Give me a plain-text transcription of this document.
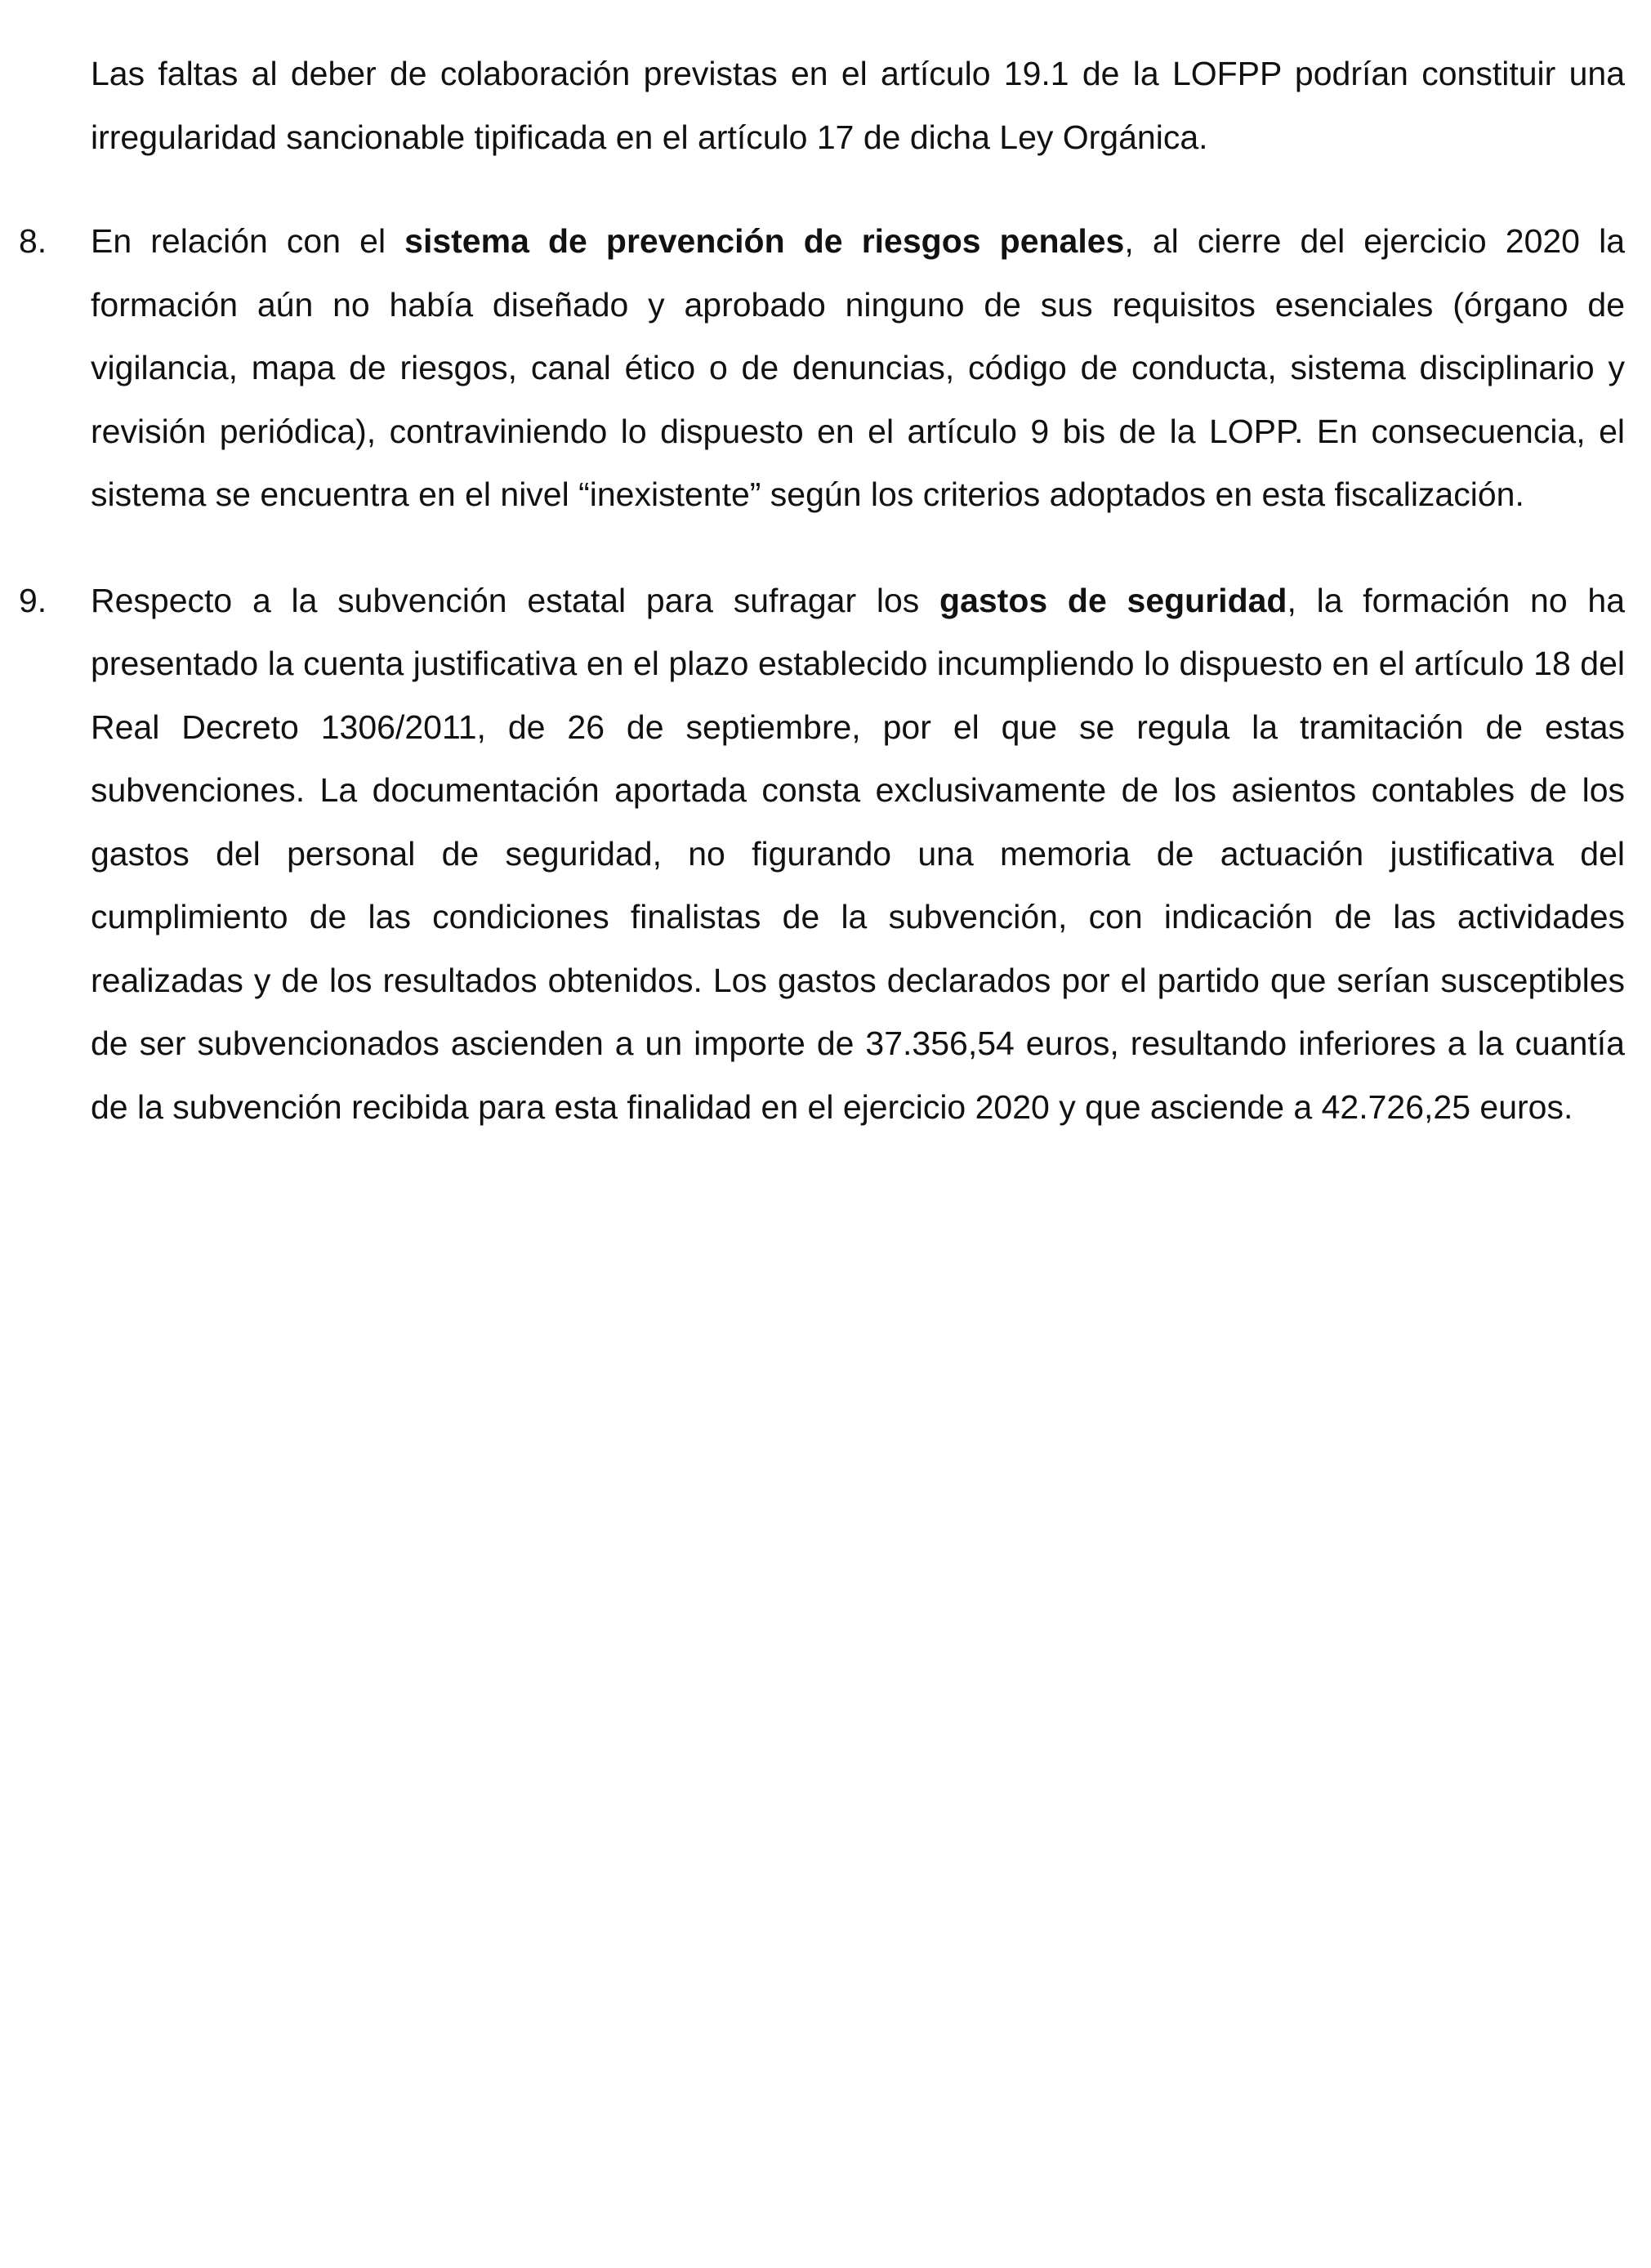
Las faltas al deber de colaboración previstas en el artículo 19.1 de la LOFPP podrían constituir una irregularidad sancionable tipificada en el artículo 17 de dicha Ley Orgánica.

8. En relación con el sistema de prevención de riesgos penales, al cierre del ejercicio 2020 la formación aún no había diseñado y aprobado ninguno de sus requisitos esenciales (órgano de vigilancia, mapa de riesgos, canal ético o de denuncias, código de conducta, sistema disciplinario y revisión periódica), contraviniendo lo dispuesto en el artículo 9 bis de la LOPP. En consecuencia, el sistema se encuentra en el nivel “inexistente” según los criterios adoptados en esta fiscalización.

9. Respecto a la subvención estatal para sufragar los gastos de seguridad, la formación no ha presentado la cuenta justificativa en el plazo establecido incumpliendo lo dispuesto en el artículo 18 del Real Decreto 1306/2011, de 26 de septiembre, por el que se regula la tramitación de estas subvenciones. La documentación aportada consta exclusivamente de los asientos contables de los gastos del personal de seguridad, no figurando una memoria de actuación justificativa del cumplimiento de las condiciones finalistas de la subvención, con indicación de las actividades realizadas y de los resultados obtenidos. Los gastos declarados por el partido que serían susceptibles de ser subvencionados ascienden a un importe de 37.356,54 euros, resultando inferiores a la cuantía de la subvención recibida para esta finalidad en el ejercicio 2020 y que asciende a 42.726,25 euros.
